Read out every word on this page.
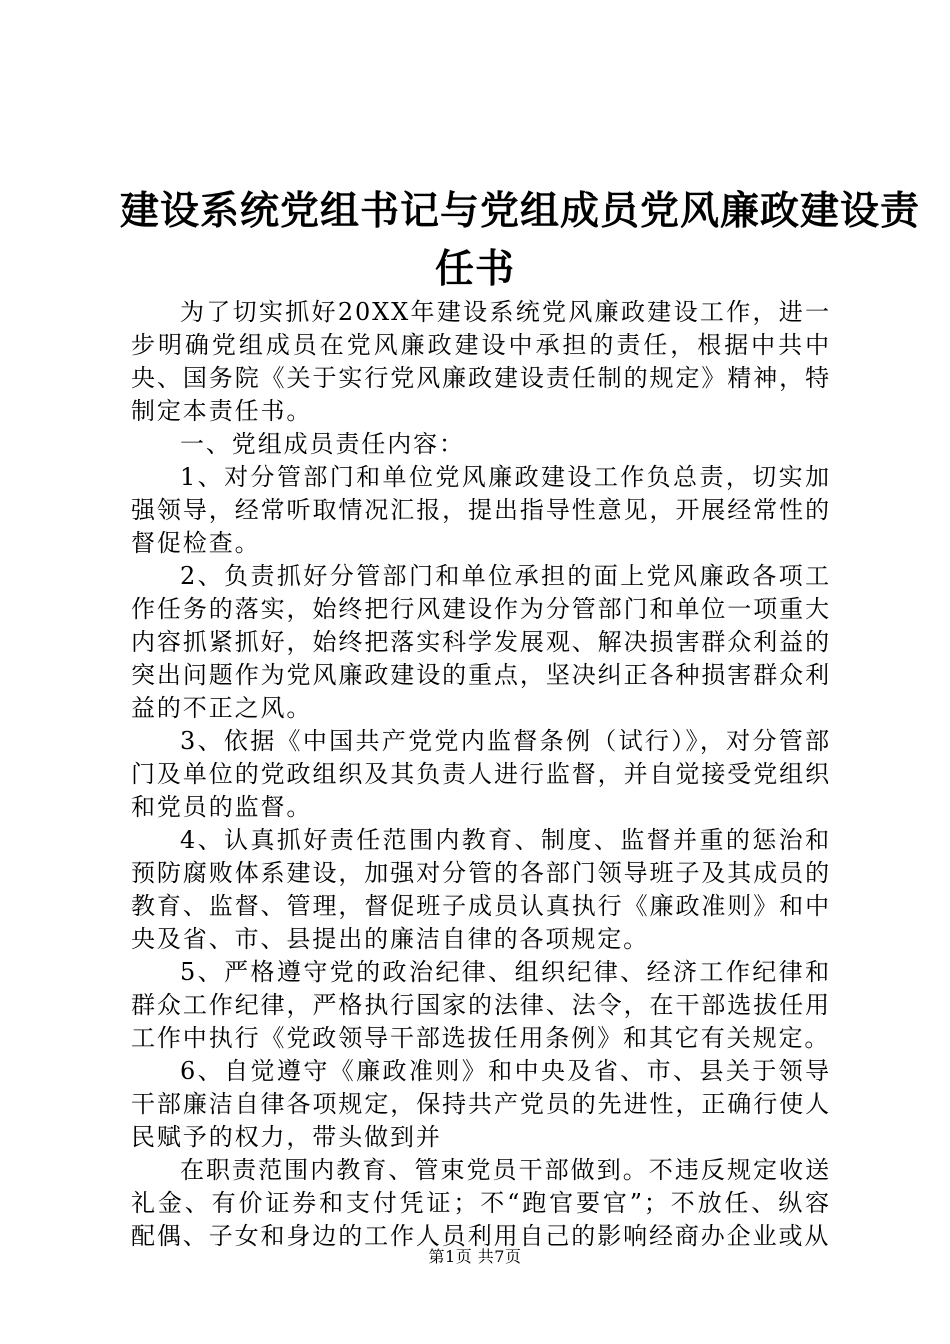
建设系统党组书记与党组成员党风廉政建设责
任书

为了切实抓好20XX年建设系统党风廉政建设工作，进一步明确党组成员在党风廉政建设中承担的责任，根据中共中央、国务院《关于实行党风廉政建设责任制的规定》精神，特制定本责任书。

一、党组成员责任内容：

1、对分管部门和单位党风廉政建设工作负总责，切实加强领导，经常听取情况汇报，提出指导性意见，开展经常性的督促检查。

2、负责抓好分管部门和单位承担的面上党风廉政各项工作任务的落实，始终把行风建设作为分管部门和单位一项重大内容抓紧抓好，始终把落实科学发展观、解决损害群众利益的突出问题作为党风廉政建设的重点，坚决纠正各种损害群众利益的不正之风。

3、依据《中国共产党党内监督条例（试行）》，对分管部门及单位的党政组织及其负责人进行监督，并自觉接受党组织和党员的监督。

4、认真抓好责任范围内教育、制度、监督并重的惩治和预防腐败体系建设，加强对分管的各部门领导班子及其成员的教育、监督、管理，督促班子成员认真执行《廉政准则》和中央及省、市、县提出的廉洁自律的各项规定。

5、严格遵守党的政治纪律、组织纪律、经济工作纪律和群众工作纪律，严格执行国家的法律、法令，在干部选拔任用工作中执行《党政领导干部选拔任用条例》和其它有关规定。

6、自觉遵守《廉政准则》和中央及省、市、县关于领导干部廉洁自律各项规定，保持共产党员的先进性，正确行使人民赋予的权力，带头做到并

在职责范围内教育、管束党员干部做到。不违反规定收送礼金、有价证券和支付凭证；不“跑官要官”；不放任、纵容配偶、子女和身边的工作人员利用自己的影响经商办企业或从

第1页 共7页
